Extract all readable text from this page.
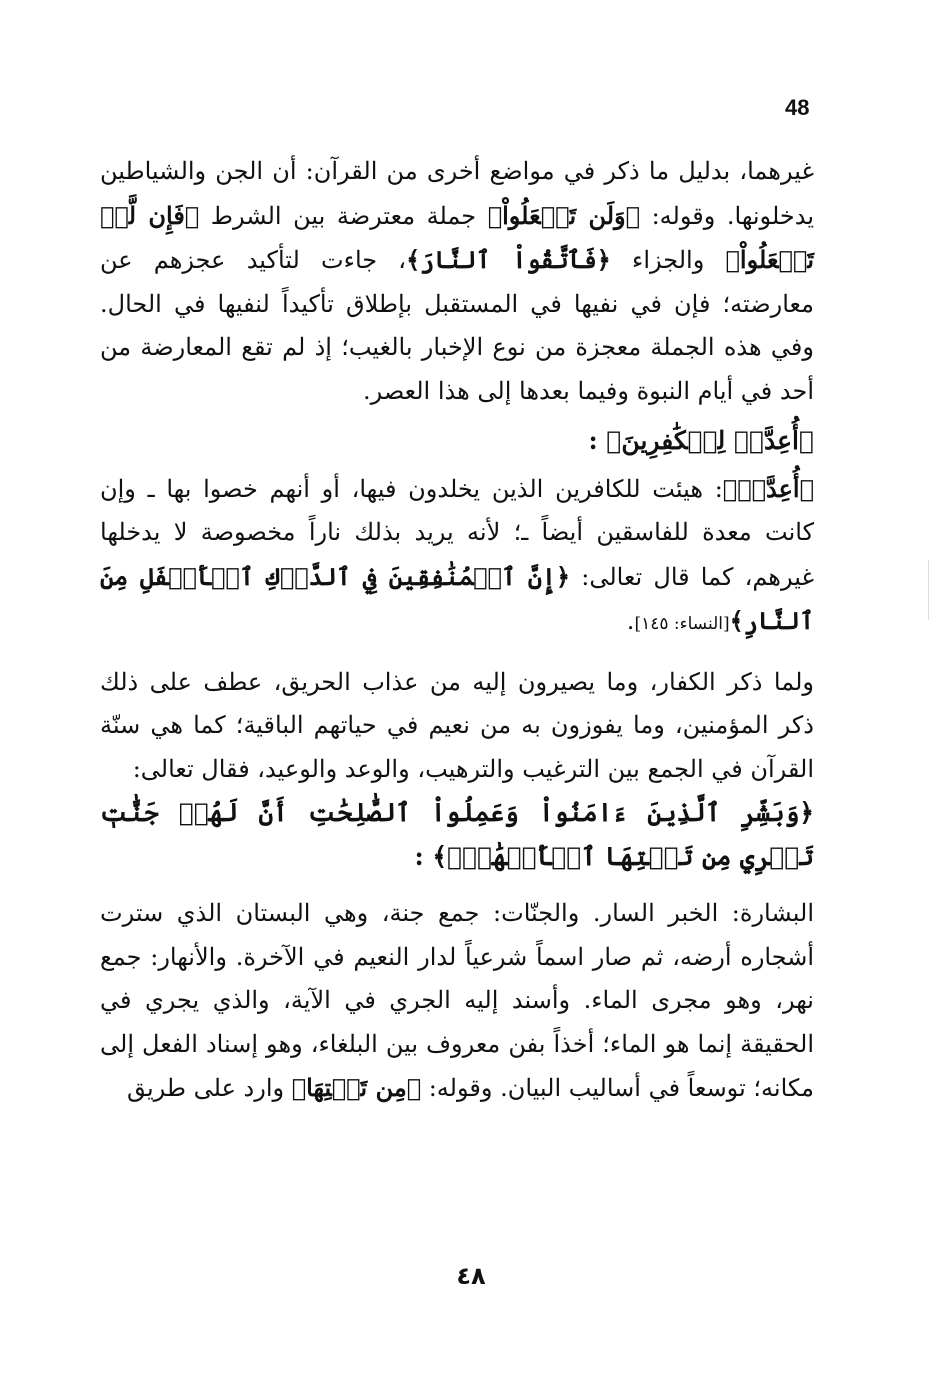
48

غيرهما، بدليل ما ذكر في مواضع أخرى من القرآن: أن الجن والشياطين يدخلونها. وقوله: ﴿وَلَن تَفۡعَلُواْ﴾ جملة معترضة بين الشرط ﴿فَإِن لَّمۡ تَفۡعَلُواْ﴾ والجزاء ﴿فَٱتَّقُواْ ٱلنَّارَ﴾، جاءت لتأكيد عجزهم عن معارضته؛ فإن في نفيها في المستقبل بإطلاق تأكيداً لنفيها في الحال. وفي هذه الجملة معجزة من نوع الإخبار بالغيب؛ إذ لم تقع المعارضة من أحد في أيام النبوة وفيما بعدها إلى هذا العصر.

﴿أُعِدَّتۡ لِلۡكَٰفِرِينَ﴾ :

﴿أُعِدَّتۡ﴾: هيئت للكافرين الذين يخلدون فيها، أو أنهم خصوا بها ـ وإن كانت معدة للفاسقين أيضاً ـ؛ لأنه يريد بذلك ناراً مخصوصة لا يدخلها غيرهم، كما قال تعالى: ﴿إِنَّ ٱلۡمُنَٰفِقِينَ فِي ٱلدَّرۡكِ ٱلۡأَسۡفَلِ مِنَ ٱلنَّارِ﴾[النساء: ١٤٥].

ولما ذكر الكفار، وما يصيرون إليه من عذاب الحريق، عطف على ذلك ذكر المؤمنين، وما يفوزون به من نعيم في حياتهم الباقية؛ كما هي سنّة القرآن في الجمع بين الترغيب والترهيب، والوعد والوعيد، فقال تعالى:

﴿وَبَشِّرِ ٱلَّذِينَ ءَامَنُواْ وَعَمِلُواْ ٱلصَّٰلِحَٰتِ أَنَّ لَهُمۡ جَنَّٰتٖ تَجۡرِي مِن تَحۡتِهَا ٱلۡأَنۡهَٰرُۖ﴾ :

البشارة: الخبر السار. والجنّات: جمع جنة، وهي البستان الذي سترت أشجاره أرضه، ثم صار اسماً شرعياً لدار النعيم في الآخرة. والأنهار: جمع نهر، وهو مجرى الماء. وأسند إليه الجري في الآية، والذي يجري في الحقيقة إنما هو الماء؛ أخذاً بفن معروف بين البلغاء، وهو إسناد الفعل إلى مكانه؛ توسعاً في أساليب البيان. وقوله: ﴿مِن تَحۡتِهَا﴾ وارد على طريق

٤٨
